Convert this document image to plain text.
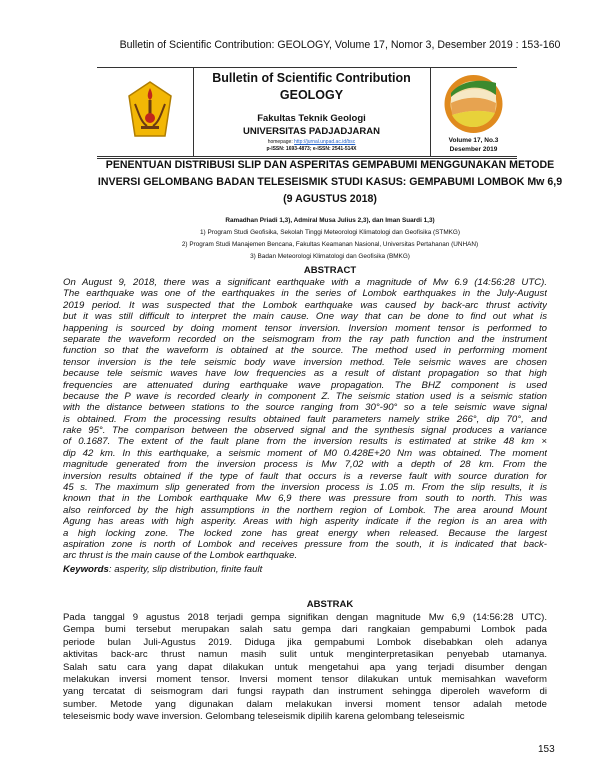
Bulletin of Scientific Contribution: GEOLOGY, Volume 17, Nomor 3, Desember 2019 : 153-160
Bulletin of Scientific Contribution
GEOLOGY
Fakultas Teknik Geologi
UNIVERSITAS PADJADJARAN
homepage: http://jurnal.unpad.ac.id/bsc
p-ISSN: 1693-4873; e-ISSN: 2541-514X
Volume 17, No.3
Desember 2019
PENENTUAN DISTRIBUSI SLIP DAN ASPERITAS GEMPABUMI MENGGUNAKAN METODE
INVERSI GELOMBANG BADAN TELESEISMIK STUDI KASUS: GEMPABUMI LOMBOK Mw 6,9
(9 AGUSTUS 2018)
Ramadhan Priadi 1,3), Admiral Musa Julius 2,3), dan Iman Suardi 1,3)
1) Program Studi Geofisika, Sekolah Tinggi Meteorologi Klimatologi dan Geofisika (STMKG)
2) Program Studi Manajemen Bencana, Fakultas Keamanan Nasional, Universitas Pertahanan (UNHAN)
3) Badan Meteorologi Klimatologi dan Geofisika (BMKG)
ABSTRACT
On August 9, 2018, there was a significant earthquake with a magnitude of Mw 6.9 (14:56:28 UTC).
The earthquake was one of the earthquakes in the series of Lombok earthquakes in the July-August
2019 period. It was suspected that the Lombok earthquake was caused by back-arc thrust activity
but it was still difficult to interpret the main cause. One way that can be done to find out what is
happening is sourced by doing moment tensor inversion. Inversion moment tensor is performed to
separate the waveform recorded on the seismogram from the ray path function and the instrument
function so that the waveform is obtained at the source. The method used in performing moment
tensor inversion is the tele seismic body wave inversion method. Tele seismic waves are chosen
because tele seismic waves have low frequencies as a result of distant propagation so that high
frequencies are attenuated during earthquake wave propagation. The BHZ component is used
because the P wave is recorded clearly in component Z. The seismic station used is a seismic station
with the distance between stations to the source ranging from 30°-90° so a tele seismic wave signal
is obtained. From the processing results obtained fault parameters namely strike 266°, dip 70°, and
rake 95°. The comparison between the observed signal and the synthesis signal produces a variance
of 0.1687. The extent of the fault plane from the inversion results is estimated at strike 48 km ×
dip 42 km. In this earthquake, a seismic moment of M0 0.428E+20 Nm was obtained. The moment
magnitude generated from the inversion process is Mw 7,02 with a depth of 28 km. From the
inversion results obtained if the type of fault that occurs is a reverse fault with source duration for
45 s. The maximum slip generated from the inversion process is 1.05 m. From the slip results, it is
known that in the Lombok earthquake Mw 6,9 there was pressure from south to north. This was
also reinforced by the high assumptions in the northern region of Lombok. The area around Mount
Agung has areas with high asperity. Areas with high asperity indicate if the region is an area with
a high locking zone. The locked zone has great energy when released. Because the largest
aspiration zone is north of Lombok and receives pressure from the south, it is indicated that back-
arc thrust is the main cause of the Lombok earthquake.
Keywords: asperity, slip distribution, finite fault
ABSTRAK
Pada tanggal 9 agustus 2018 terjadi gempa signifikan dengan magnitude Mw 6,9 (14:56:28 UTC).
Gempa bumi tersebut merupakan salah satu gempa dari rangkaian gempabumi Lombok pada
periode bulan Juli-Agustus 2019. Diduga jika gempabumi Lombok disebabkan oleh adanya
aktivitas back-arc thrust namun masih sulit untuk menginterpretasikan penyebab utamanya.
Salah satu cara yang dapat dilakukan untuk mengetahui apa yang terjadi disumber dengan
melakukan inversi moment tensor. Inversi moment tensor dilakukan untuk memisahkan waveform
yang tercatat di seismogram dari fungsi raypath dan instrument sehingga diperoleh waveform di
sumber. Metode yang digunakan dalam melakukan inversi moment tensor adalah metode
teleseismic body wave inversion. Gelombang teleseismik dipilih karena gelombang teleseismic
153
